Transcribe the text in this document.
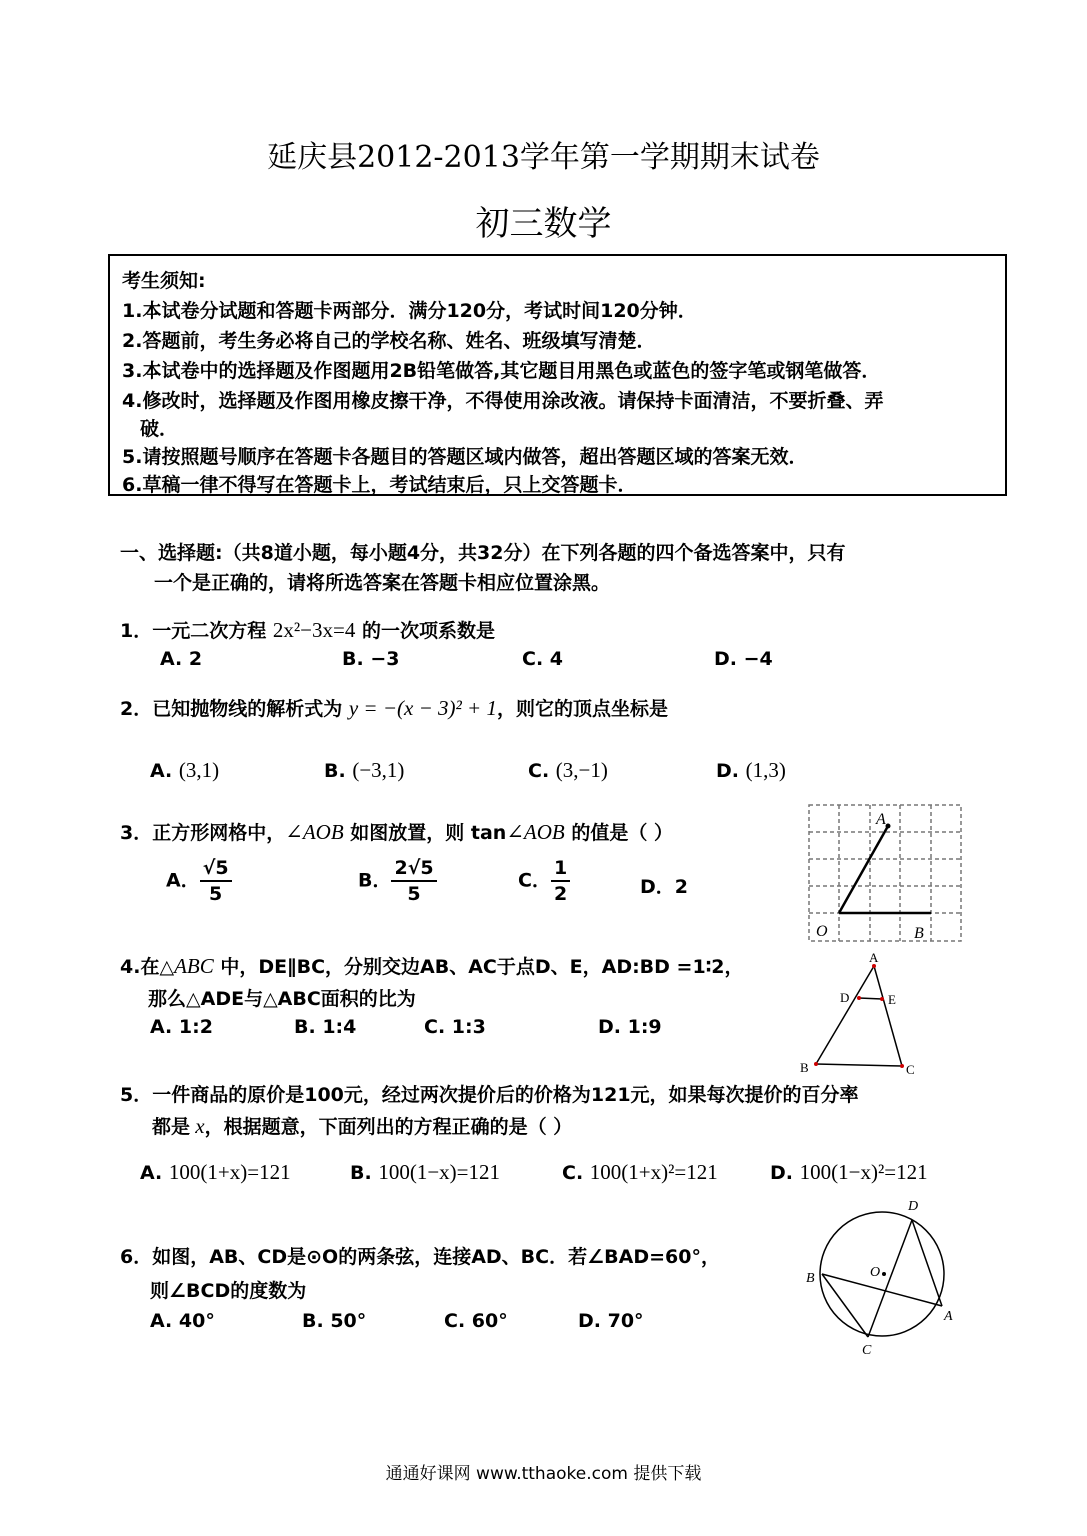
延庆县2012-2013学年第一学期期末试卷
初三数学
考生须知:
1.本试卷分试题和答题卡两部分．满分120分，考试时间120分钟．
2.答题前，考生务必将自己的学校名称、姓名、班级填写清楚．
3.本试卷中的选择题及作图题用2B铅笔做答,其它题目用黑色或蓝色的签字笔或钢笔做答．
4.修改时，选择题及作图用橡皮擦干净，不得使用涂改液。请保持卡面清洁，不要折叠、弄
破．
5.请按照题号顺序在答题卡各题目的答题区域内做答，超出答题区域的答案无效．
6.草稿一律不得写在答题卡上，考试结束后，只上交答题卡．
一、选择题:（共8道小题，每小题4分，共32分）在下列各题的四个备选答案中，只有
一个是正确的，请将所选答案在答题卡相应位置涂黑。
1．一元二次方程 2x²−3x=4 的一次项系数是
A. 2	B. −3	C. 4	D. −4
2．已知抛物线的解析式为 y = −(x − 3)² + 1，则它的顶点坐标是
A. (3,1)	B. (−3,1)	C. (3,−1)	D. (1,3)
3．正方形网格中，∠AOB 如图放置，则 tan∠AOB 的值是（ ）
A． $\frac{√5}{5}$	B． $\frac{2√5}{5}$	C． $\frac{1}{2}$	D．2
A
O	B
4.在△ABC 中，DE∥BC，分别交边AB、AC于点D、E，AD:BD =1∶2，
那么△ADE与△ABC面积的比为
A. 1:2	B. 1:4	C. 1:3	D. 1:9
A
D	E
B	C
5．一件商品的原价是100元，经过两次提价后的价格为121元，如果每次提价的百分率
都是 x，根据题意，下面列出的方程正确的是（ ）
A. 100(1+x)=121	B. 100(1−x)=121	C. 100(1+x)²=121	D. 100(1−x)²=121
6．如图，AB、CD是⊙O的两条弦，连接AD、BC．若∠BAD=60°，
则∠BCD的度数为
A. 40°	B. 50°	C. 60°	D. 70°
D
O
B
A
C
通通好课网 www.tthaoke.com 提供下载
